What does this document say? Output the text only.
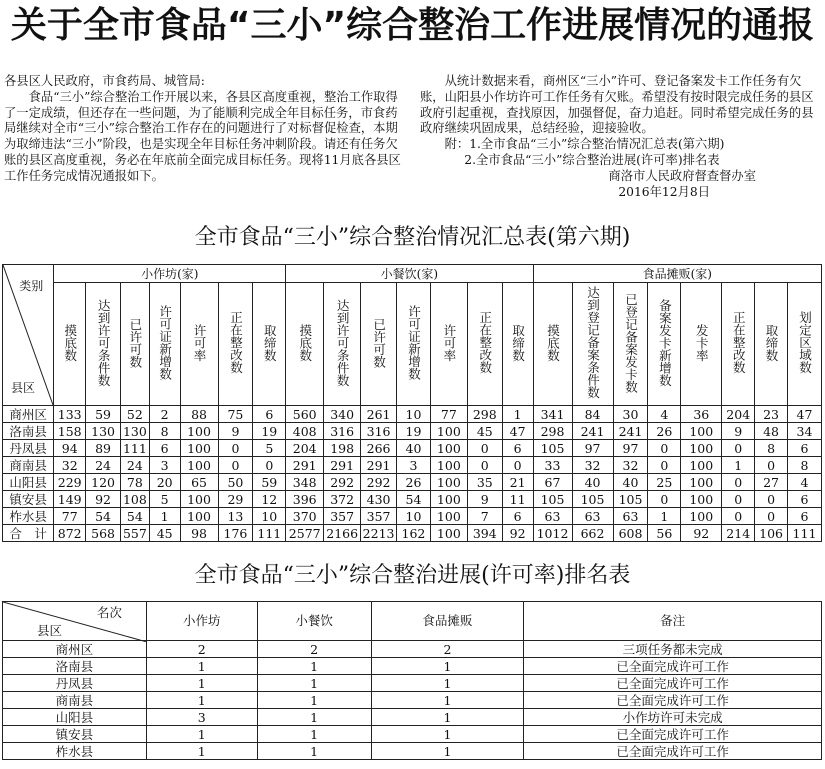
关于全市食品“三小”综合整治工作进展情况的通报

各县区人民政府，市食药局、城管局:

食品“三小”综合整治工作开展以来，各县区高度重视，整治工作取得了一定成绩，但还存在一些问题，为了能顺利完成全年目标任务，市食药局继续对全市“三小”综合整治工作存在的问题进行了对标督促检查，本期为取缔违法“三小”阶段，也是实现全年目标任务冲刺阶段。请还有任务欠账的县区高度重视，务必在年底前全面完成目标任务。现将11月底各县区工作任务完成情况通报如下。

从统计数据来看，商州区“三小”许可、登记备案发卡工作任务有欠账，山阳县小作坊许可工作任务有欠账。希望没有按时限完成任务的县区政府引起重视，查找原因，加强督促，奋力追赶。同时希望完成任务的县政府继续巩固成果，总结经验，迎接验收。

附：1.全市食品“三小”综合整治情况汇总表(第六期)

2.全市食品“三小”综合整治进展(许可率)排名表

商洛市人民政府督查督办室

2016年12月8日

全市食品“三小”综合整治情况汇总表(第六期)
类别
县区	小作坊(家)							小餐饮(家)							食品摊贩(家)							
	摸底数	达到许可条件数	已许可数	许可证新增数	许可率	正在整改数	取缔数	摸底数	达到许可条件数	已许可数	许可证新增数	许可率	正在整改数	取缔数	摸底数	达到登记备案条件数	已登记备案发卡数	备案发卡新增数	发卡率	正在整改数	取缔数	划定区域数
商州区	133	59	52	2	88	75	6	560	340	261	10	77	298	1	341	84	30	4	36	204	23	47
洛南县	158	130	130	8	100	9	19	408	316	316	19	100	45	47	298	241	241	26	100	9	48	34
丹凤县	94	89	111	6	100	0	5	204	198	266	40	100	0	6	105	97	97	0	100	0	8	6
商南县	32	24	24	3	100	0	0	291	291	291	3	100	0	0	33	32	32	0	100	1	0	8
山阳县	229	120	78	20	65	50	59	348	292	292	26	100	35	21	67	40	40	25	100	0	27	4
镇安县	149	92	108	5	100	29	12	396	372	430	54	100	9	11	105	105	105	0	100	0	0	6
柞水县	77	54	54	1	100	13	10	370	357	357	10	100	7	6	63	63	63	1	100	0	0	6
合　计	872	568	557	45	98	176	111	2577	2166	2213	162	100	394	92	1012	662	608	56	92	214	106	111
全市食品“三小”综合整治进展(许可率)排名表
名次
县区	小作坊	小餐饮	食品摊贩	备注
商州区	2	2	2	三项任务都未完成
洛南县	1	1	1	已全面完成许可工作
丹凤县	1	1	1	已全面完成许可工作
商南县	1	1	1	已全面完成许可工作
山阳县	3	1	1	小作坊许可未完成
镇安县	1	1	1	已全面完成许可工作
柞水县	1	1	1	已全面完成许可工作
